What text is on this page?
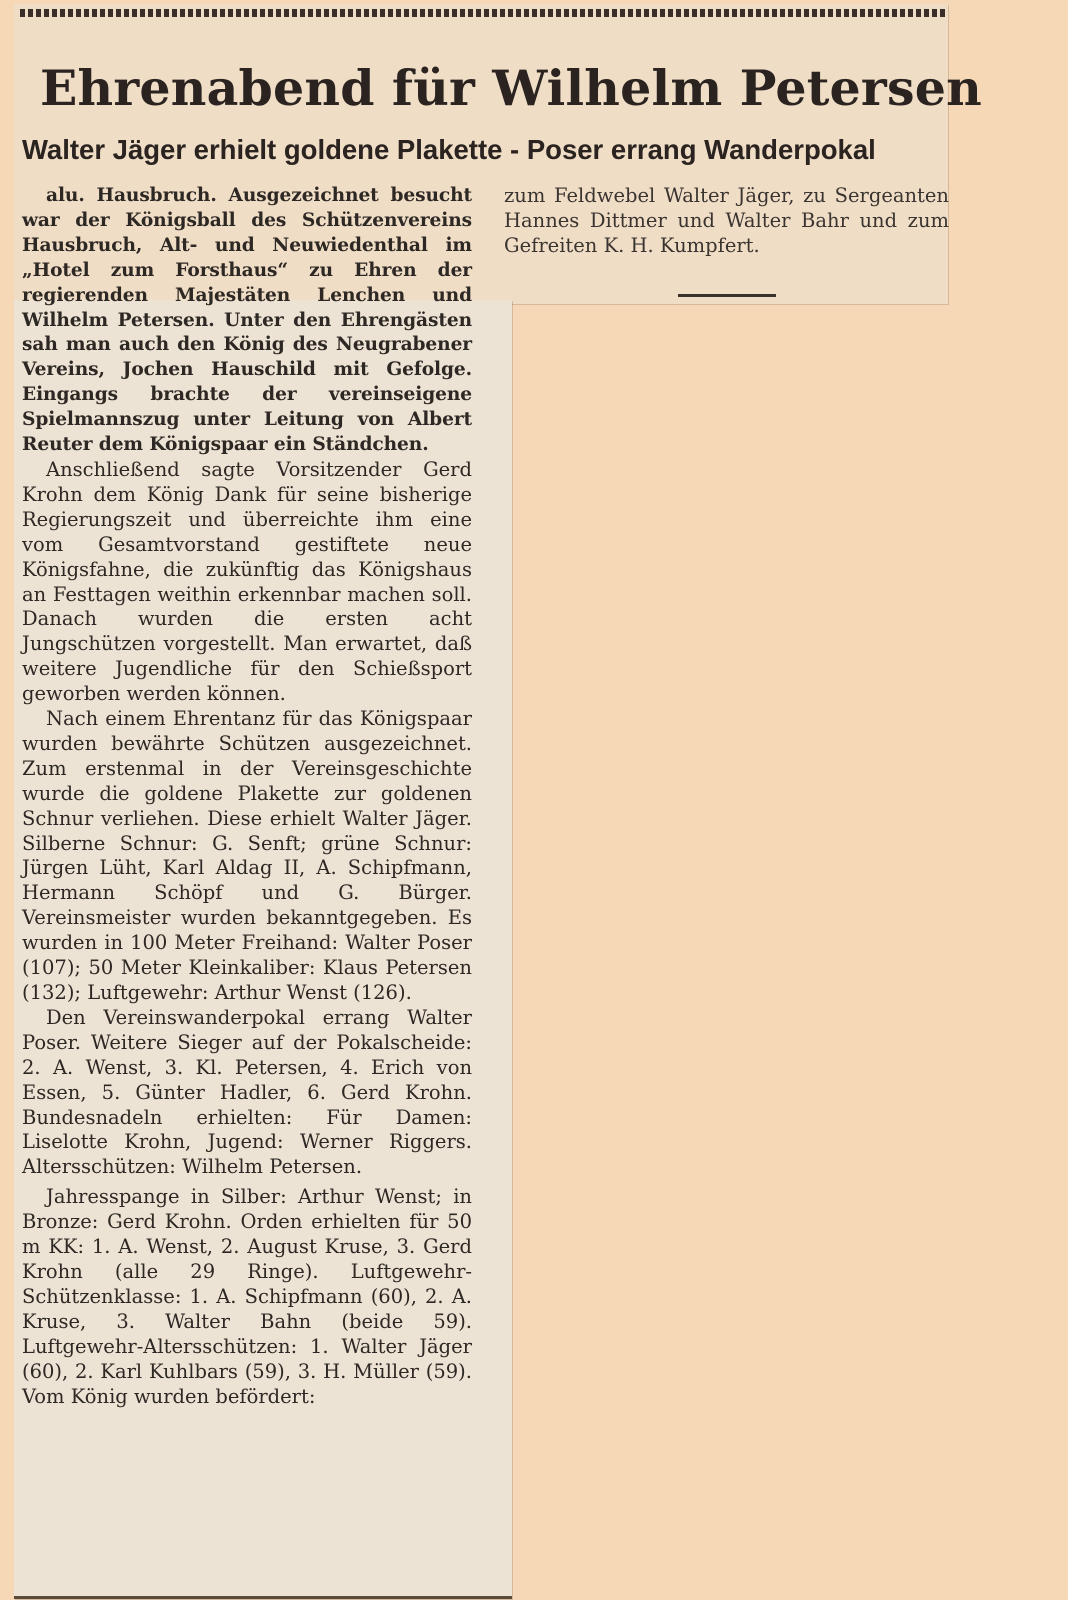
Ehrenabend für Wilhelm Petersen
Walter Jäger erhielt goldene Plakette - Poser errang Wanderpokal

alu. Hausbruch. Ausgezeichnet besucht war der Königsball des Schützenvereins Hausbruch, Alt- und Neuwiedenthal im „Hotel zum Forsthaus“ zu Ehren der regierenden Majestäten Lenchen und Wilhelm Petersen. Unter den Ehrengästen sah man auch den König des Neugrabener Vereins, Jochen Hauschild mit Gefolge. Eingangs brachte der vereinseigene Spielmannszug unter Leitung von Albert Reuter dem Königspaar ein Ständchen.

Anschließend sagte Vorsitzender Gerd Krohn dem König Dank für seine bisherige Regierungszeit und überreichte ihm eine vom Gesamtvorstand gestiftete neue Königsfahne, die zukünftig das Königshaus an Festtagen weithin erkennbar machen soll. Danach wurden die ersten acht Jungschützen vorgestellt. Man erwartet, daß weitere Jugendliche für den Schießsport geworben werden können.

Nach einem Ehrentanz für das Königspaar wurden bewährte Schützen ausgezeichnet. Zum erstenmal in der Vereinsgeschichte wurde die goldene Plakette zur goldenen Schnur verliehen. Diese erhielt Walter Jäger. Silberne Schnur: G. Senft; grüne Schnur: Jürgen Lüht, Karl Aldag II, A. Schipfmann, Hermann Schöpf und G. Bürger. Vereinsmeister wurden bekanntgegeben. Es wurden in 100 Meter Freihand: Walter Poser (107); 50 Meter Kleinkaliber: Klaus Petersen (132); Luftgewehr: Arthur Wenst (126).

Den Vereinswanderpokal errang Walter Poser. Weitere Sieger auf der Pokalscheide: 2. A. Wenst, 3. Kl. Petersen, 4. Erich von Essen, 5. Günter Hadler, 6. Gerd Krohn. Bundesnadeln erhielten: Für Damen: Liselotte Krohn, Jugend: Werner Riggers. Altersschützen: Wilhelm Petersen.

Jahresspange in Silber: Arthur Wenst; in Bronze: Gerd Krohn. Orden erhielten für 50 m KK: 1. A. Wenst, 2. August Kruse, 3. Gerd Krohn (alle 29 Ringe). Luftgewehr-Schützenklasse: 1. A. Schipfmann (60), 2. A. Kruse, 3. Walter Bahn (beide 59). Luftgewehr-Altersschützen: 1. Walter Jäger (60), 2. Karl Kuhlbars (59), 3. H. Müller (59). Vom König wurden befördert:

zum Feldwebel Walter Jäger, zu Sergeanten Hannes Dittmer und Walter Bahr und zum Gefreiten K. H. Kumpfert.
